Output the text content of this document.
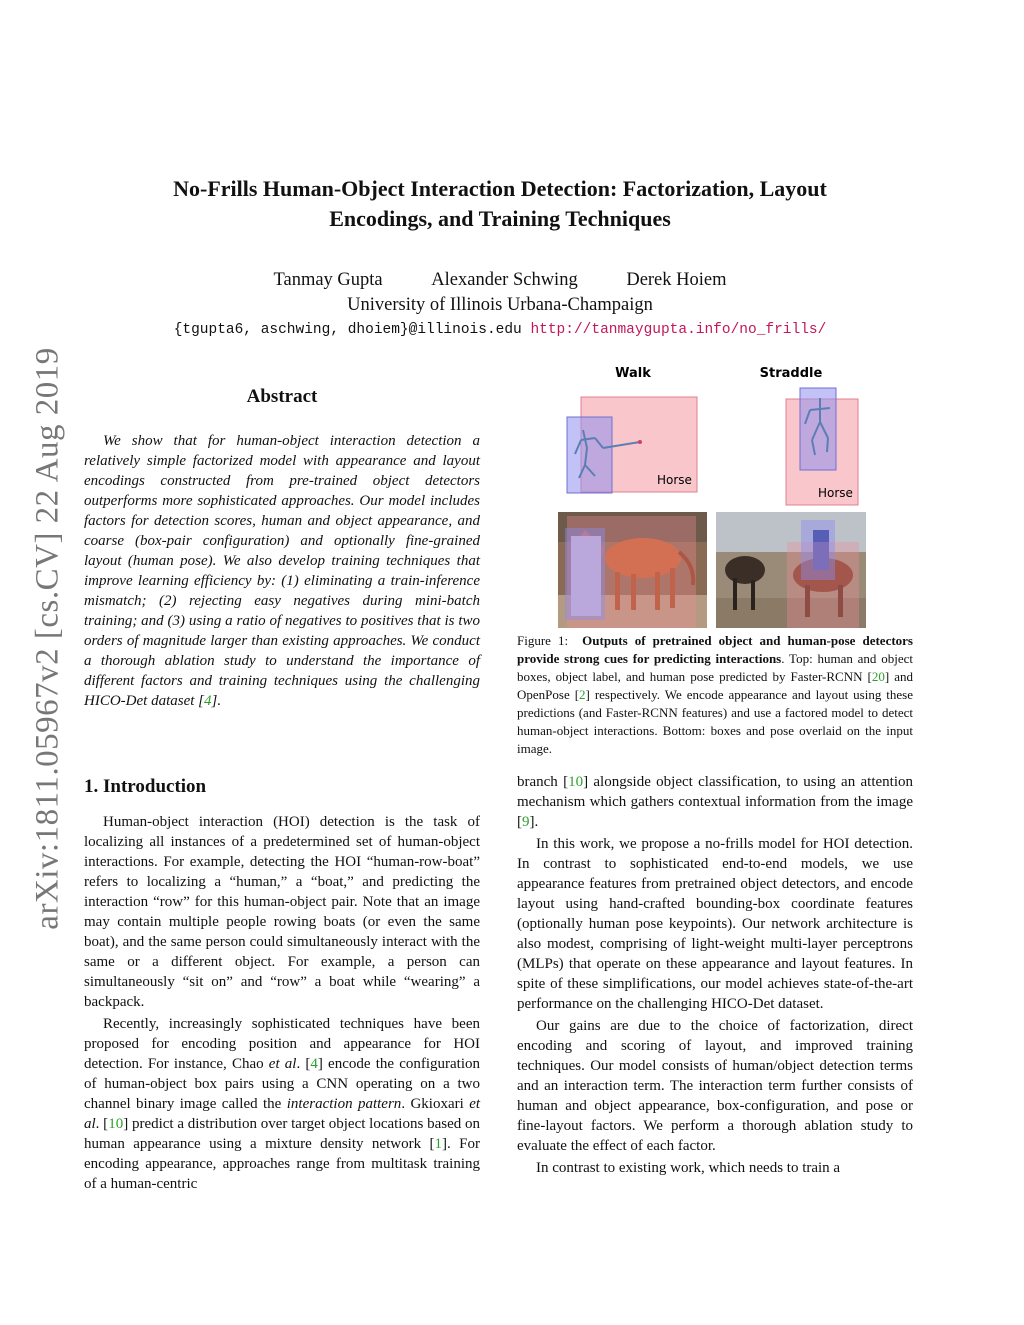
No-Frills Human-Object Interaction Detection: Factorization, Layout
Encodings, and Training Techniques
Tanmay Gupta	Alexander Schwing	Derek Hoiem
University of Illinois Urbana-Champaign
{tgupta6, aschwing, dhoiem}@illinois.edu http://tanmaygupta.info/no_frills/
arXiv:1811.05967v2 [cs.CV] 22 Aug 2019	Abstract
We show that for human-object interaction detection a relatively simple factorized model with appearance and layout encodings constructed from pre-trained object detectors outperforms more sophisticated approaches. Our model includes factors for detection scores, human and object appearance, and coarse (box-pair configuration) and optionally fine-grained layout (human pose). We also develop training techniques that improve learning efficiency by: (1) eliminating a train-inference mismatch; (2) rejecting easy negatives during mini-batch training; and (3) using a ratio of negatives to positives that is two orders of magnitude larger than existing approaches. We conduct a thorough ablation study to understand the importance of different factors and training techniques using the challenging HICO-Det dataset [4].
1. Introduction

Human-object interaction (HOI) detection is the task of localizing all instances of a predetermined set of human-object interactions. For example, detecting the HOI “human-row-boat” refers to localizing a “human,” a “boat,” and predicting the interaction “row” for this human-object pair. Note that an image may contain multiple people rowing boats (or even the same boat), and the same person could simultaneously interact with the same or a different object. For example, a person can simultaneously “sit on” and “row” a boat while “wearing” a backpack.

Recently, increasingly sophisticated techniques have been proposed for encoding position and appearance for HOI detection. For instance, Chao et al. [4] encode the configuration of human-object box pairs using a CNN operating on a two channel binary image called the interaction pattern. Gkioxari et al. [10] predict a distribution over target object locations based on human appearance using a mixture density network [1]. For encoding appearance, approaches range from multitask training of a human-centric

Walk
Horse
Straddle
Horse
Figure 1: Outputs of pretrained object and human-pose detectors provide strong cues for predicting interactions. Top: human and object boxes, object label, and human pose predicted by Faster-RCNN [20] and OpenPose [2] respectively. We encode appearance and layout using these predictions (and Faster-RCNN features) and use a factored model to detect human-object interactions. Bottom: boxes and pose overlaid on the input image.

branch [10] alongside object classification, to using an attention mechanism which gathers contextual information from the image [9].

In this work, we propose a no-frills model for HOI detection. In contrast to sophisticated end-to-end models, we use appearance features from pretrained object detectors, and encode layout using hand-crafted bounding-box coordinate features (optionally human pose keypoints). Our network architecture is also modest, comprising of light-weight multi-layer perceptrons (MLPs) that operate on these appearance and layout features. In spite of these simplifications, our model achieves state-of-the-art performance on the challenging HICO-Det dataset.

Our gains are due to the choice of factorization, direct encoding and scoring of layout, and improved training techniques. Our model consists of human/object detection terms and an interaction term. The interaction term further consists of human and object appearance, box-configuration, and pose or fine-layout factors. We perform a thorough ablation study to evaluate the effect of each factor.

In contrast to existing work, which needs to train a
